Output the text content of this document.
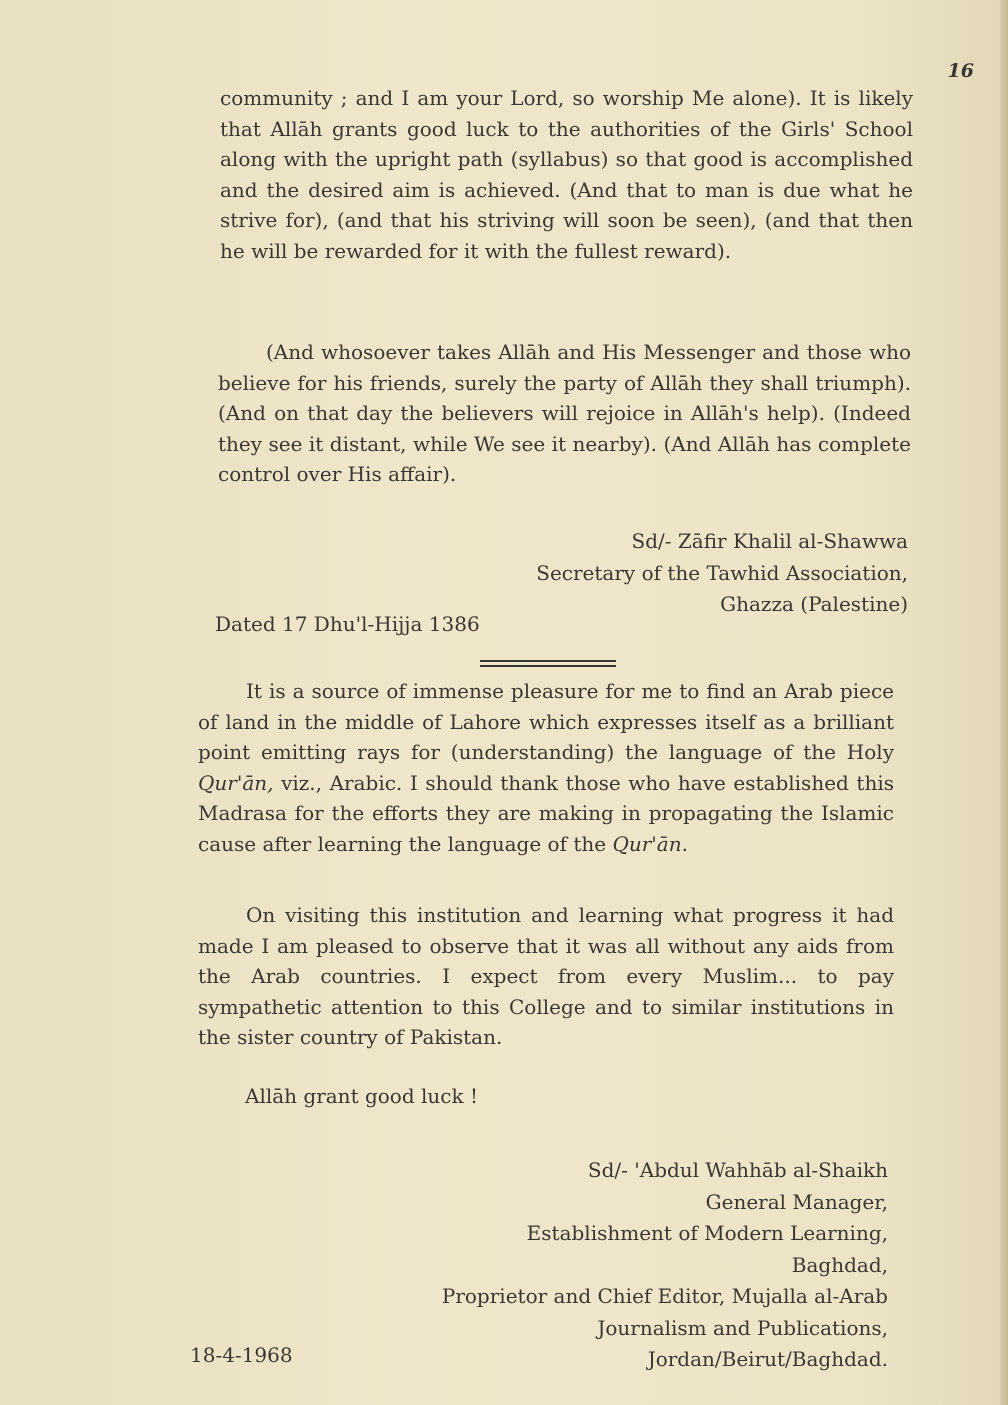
16

community ; and I am your Lord, so worship Me alone). It is likely that Allāh grants good luck to the authorities of the Girls' School along with the upright path (syllabus) so that good is accomplished and the desired aim is achieved. (And that to man is due what he strive for), (and that his striving will soon be seen), (and that then he will be rewarded for it with the fullest reward).

(And whosoever takes Allāh and His Messenger and those who believe for his friends, surely the party of Allāh they shall triumph). (And on that day the believers will rejoice in Allāh's help). (Indeed they see it distant, while We see it nearby). (And Allāh has complete control over His affair).

Sd/- Zāfir Khalil al-Shawwa
Secretary of the Tawhid Association,
Ghazza (Palestine)

Dated 17 Dhu'l-Hijja 1386

It is a source of immense pleasure for me to find an Arab piece of land in the middle of Lahore which expresses itself as a brilliant point emitting rays for (understanding) the language of the Holy Qur'ān, viz., Arabic. I should thank those who have established this Madrasa for the efforts they are making in propagating the Islamic cause after learning the language of the Qur'ān.

On visiting this institution and learning what progress it had made I am pleased to observe that it was all without any aids from the Arab countries. I expect from every Muslim... to pay sympathetic attention to this College and to similar institutions in the sister country of Pakistan.

Allāh grant good luck !

Sd/- 'Abdul Wahhāb al-Shaikh
General Manager,
Establishment of Modern Learning,
Baghdad,
Proprietor and Chief Editor, Mujalla al-Arab
Journalism and Publications,
Jordan/Beirut/Baghdad.

18-4-1968
